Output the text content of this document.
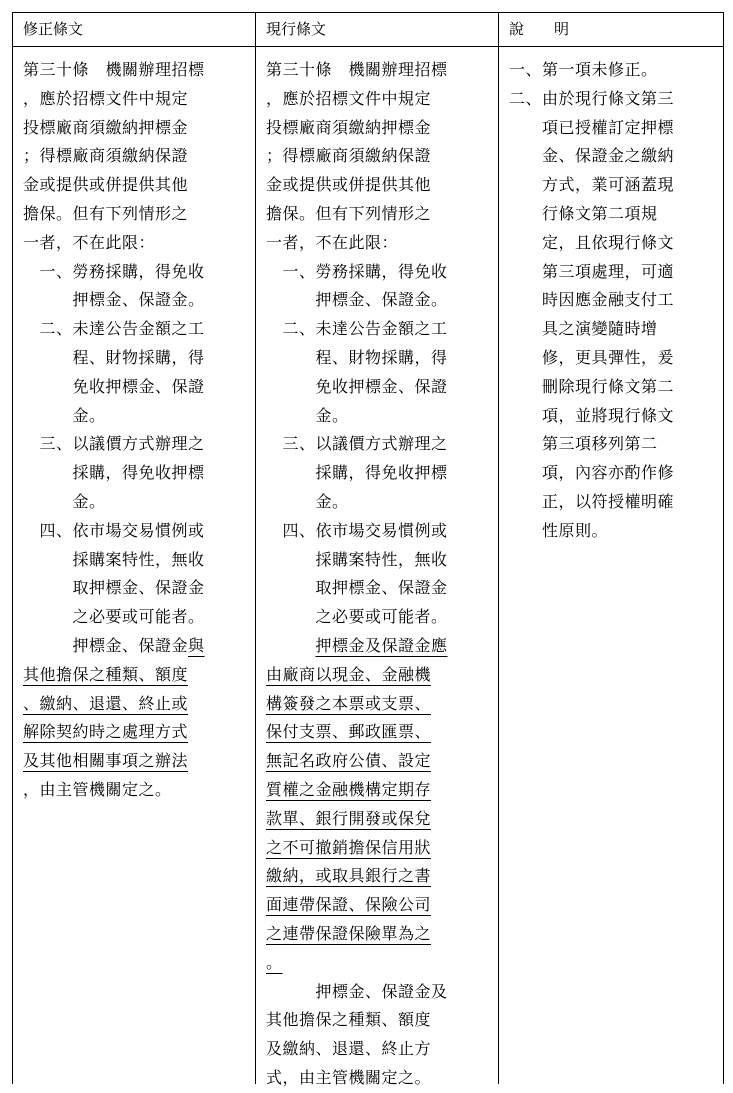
修正條文	現行條文	說　　明
第三十條　機關辦理招標
，應於招標文件中規定
投標廠商須繳納押標金
；得標廠商須繳納保證
金或提供或併提供其他
擔保。但有下列情形之
一者，不在此限：
　一、勞務採購，得免收
　　　押標金、保證金。
　二、未達公告金額之工
　　　程、財物採購，得
　　　免收押標金、保證
　　　金。
　三、以議價方式辦理之
　　　採購，得免收押標
　　　金。
　四、依市場交易慣例或
　　　採購案特性，無收
　　　取押標金、保證金
　　　之必要或可能者。
　　　押標金、保證金與
其他擔保之種類、額度
、繳納、退還、終止或
解除契約時之處理方式
及其他相關事項之辦法
，由主管機關定之。
第三十條　機關辦理招標
，應於招標文件中規定
投標廠商須繳納押標金
；得標廠商須繳納保證
金或提供或併提供其他
擔保。但有下列情形之
一者，不在此限：
　一、勞務採購，得免收
　　　押標金、保證金。
　二、未達公告金額之工
　　　程、財物採購，得
　　　免收押標金、保證
　　　金。
　三、以議價方式辦理之
　　　採購，得免收押標
　　　金。
　四、依市場交易慣例或
　　　採購案特性，無收
　　　取押標金、保證金
　　　之必要或可能者。
　　　押標金及保證金應
由廠商以現金、金融機
構簽發之本票或支票、
保付支票、郵政匯票、
無記名政府公債、設定
質權之金融機構定期存
款單、銀行開發或保兌
之不可撤銷擔保信用狀
繳納，或取具銀行之書
面連帶保證、保險公司
之連帶保證保險單為之
。
　　　押標金、保證金及
其他擔保之種類、額度
及繳納、退還、終止方
式，由主管機關定之。
一、第一項未修正。
二、由於現行條文第三
　　項已授權訂定押標
　　金、保證金之繳納
　　方式，業可涵蓋現
　　行條文第二項規
　　定，且依現行條文
　　第三項處理，可適
　　時因應金融支付工
　　具之演變隨時增
　　修，更具彈性，爰
　　刪除現行條文第二
　　項，並將現行條文
　　第三項移列第二
　　項，內容亦酌作修
　　正，以符授權明確
　　性原則。
